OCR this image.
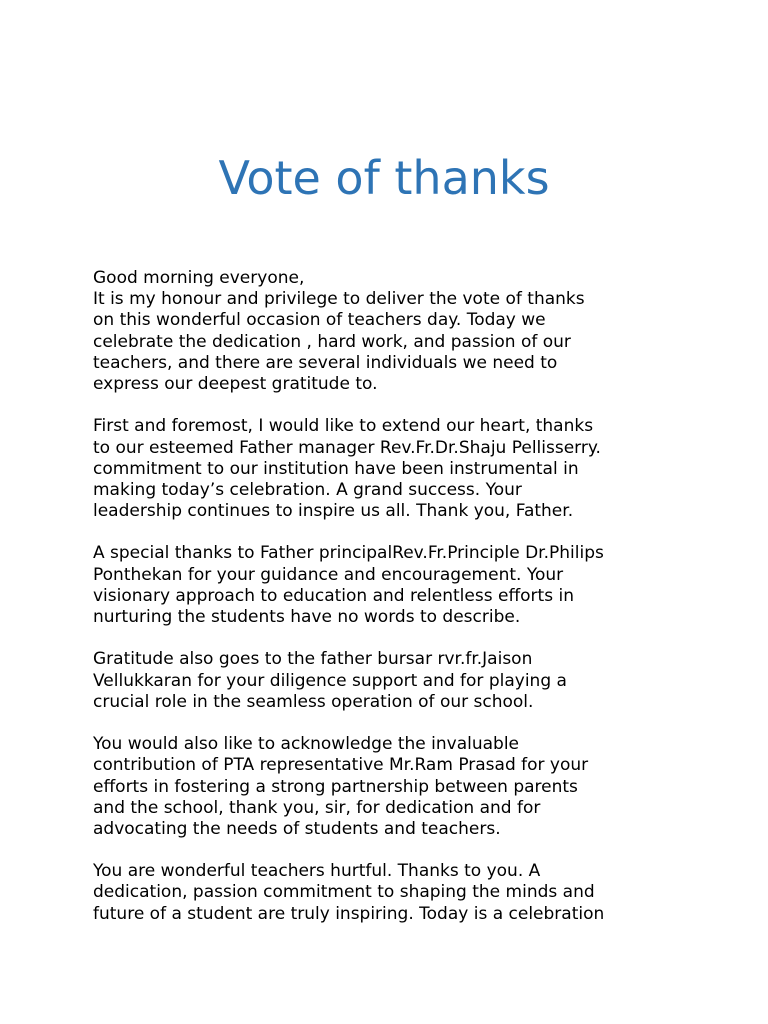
Vote of thanks
Good morning everyone,
It is my honour and privilege to deliver the vote of thanks
on this wonderful occasion of teachers day. Today we
celebrate the dedication , hard work, and passion of our
teachers, and there are several individuals we need to
express our deepest gratitude to.
First and foremost, I would like to extend our heart, thanks
to our esteemed Father manager Rev.Fr.Dr.Shaju Pellisserry.
commitment to our institution have been instrumental in
making today’s celebration. A grand success. Your
leadership continues to inspire us all. Thank you, Father.
A special thanks to Father principalRev.Fr.Principle Dr.Philips
Ponthekan for your guidance and encouragement. Your
visionary approach to education and relentless efforts in
nurturing the students have no words to describe.
Gratitude also goes to the father bursar rvr.fr.Jaison
Vellukkaran for your diligence support and for playing a
crucial role in the seamless operation of our school.
You would also like to acknowledge the invaluable
contribution of PTA representative Mr.Ram Prasad for your
efforts in fostering a strong partnership between parents
and the school, thank you, sir, for dedication and for
advocating the needs of students and teachers.
You are wonderful teachers hurtful. Thanks to you. A
dedication, passion commitment to shaping the minds and
future of a student are truly inspiring. Today is a celebration
